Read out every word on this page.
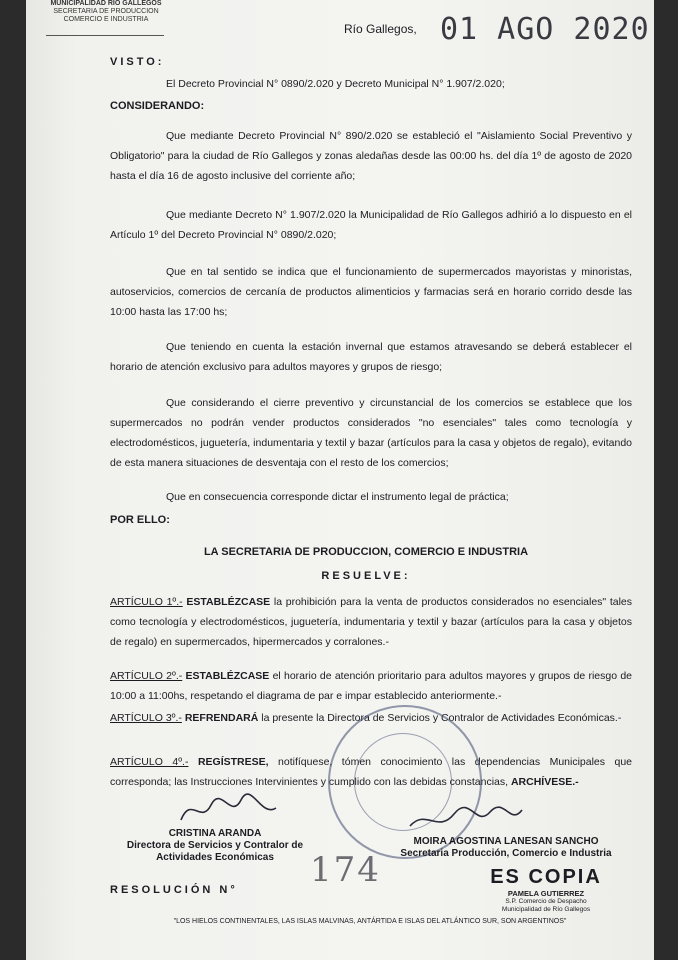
MUNICIPALIDAD RIO GALLEGOS
SECRETARIA DE PRODUCCION
COMERCIO E INDUSTRIA
Río Gallegos, 01 AGO 2020
VISTO:
El Decreto Provincial N° 0890/2.020 y Decreto Municipal N° 1.907/2.020;
CONSIDERANDO:
Que mediante Decreto Provincial N° 890/2.020 se estableció el "Aislamiento Social Preventivo y Obligatorio" para la ciudad de Río Gallegos y zonas aledañas desde las 00:00 hs. del día 1º de agosto de 2020 hasta el día 16 de agosto inclusive del corriente año;
Que mediante Decreto N° 1.907/2.020 la Municipalidad de Río Gallegos adhirió a lo dispuesto en el Artículo 1º del Decreto Provincial N° 0890/2.020;
Que en tal sentido se indica que el funcionamiento de supermercados mayoristas y minoristas, autoservicios, comercios de cercanía de productos alimenticios y farmacias será en horario corrido desde las 10:00 hasta las 17:00 hs;
Que teniendo en cuenta la estación invernal que estamos atravesando se deberá establecer el horario de atención exclusivo para adultos mayores y grupos de riesgo;
Que considerando el cierre preventivo y circunstancial de los comercios se establece que los supermercados no podrán vender productos considerados "no esenciales" tales como tecnología y electrodomésticos, juguetería, indumentaria y textil y bazar (artículos para la casa y objetos de regalo), evitando de esta manera situaciones de desventaja con el resto de los comercios;
Que en consecuencia corresponde dictar el instrumento legal de práctica;
POR ELLO:
LA SECRETARIA DE PRODUCCION, COMERCIO E INDUSTRIA
RESUELVE:
ARTÍCULO 1º.- ESTABLÉZCASE la prohibición para la venta de productos considerados no esenciales" tales como tecnología y electrodomésticos, juguetería, indumentaria y textil y bazar (artículos para la casa y objetos de regalo) en supermercados, hipermercados y corralones.-
ARTÍCULO 2º.- ESTABLÉZCASE el horario de atención prioritario para adultos mayores y grupos de riesgo de 10:00 a 11:00hs, respetando el diagrama de par e impar establecido anteriormente.-
ARTÍCULO 3º.- REFRENDARÁ la presente la Directora de Servicios y Contralor de Actividades Económicas.-
ARTÍCULO 4º.- REGÍSTRESE, notifíquese, tómen conocimiento las dependencias Municipales que corresponda; las Instrucciones Intervinientes y cumplido con las debidas constancias, ARCHÍVESE.-
CRISTINA ARANDA
Directora de Servicios y Contralor de
Actividades Económicas
MOIRA AGOSTINA LANESAN SANCHO
Secretaria Producción, Comercio e Industria
RESOLUCIÓN N° 174	ES COPIA
PAMELA GUTIERREZ
S.P. Comercio de Despacho
Municipalidad de Río Gallegos
"LOS HIELOS CONTINENTALES, LAS ISLAS MALVINAS, ANTÁRTIDA E ISLAS DEL ATLÁNTICO SUR, SON ARGENTINOS"
